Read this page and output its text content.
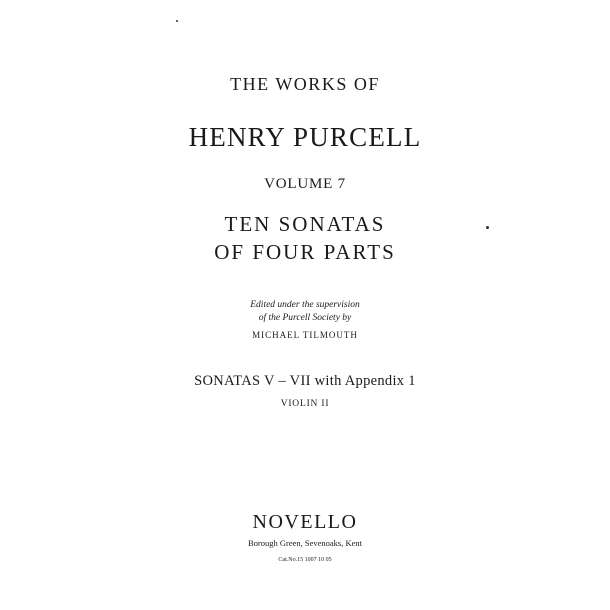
THE WORKS OF
HENRY PURCELL
VOLUME 7
TEN SONATAS
OF FOUR PARTS
Edited under the supervision
of the Purcell Society by
MICHAEL TILMOUTH
SONATAS V – VII with Appendix 1
VIOLIN II
NOVELLO
Borough Green, Sevenoaks, Kent
Cat.No.15 1007 10 05
